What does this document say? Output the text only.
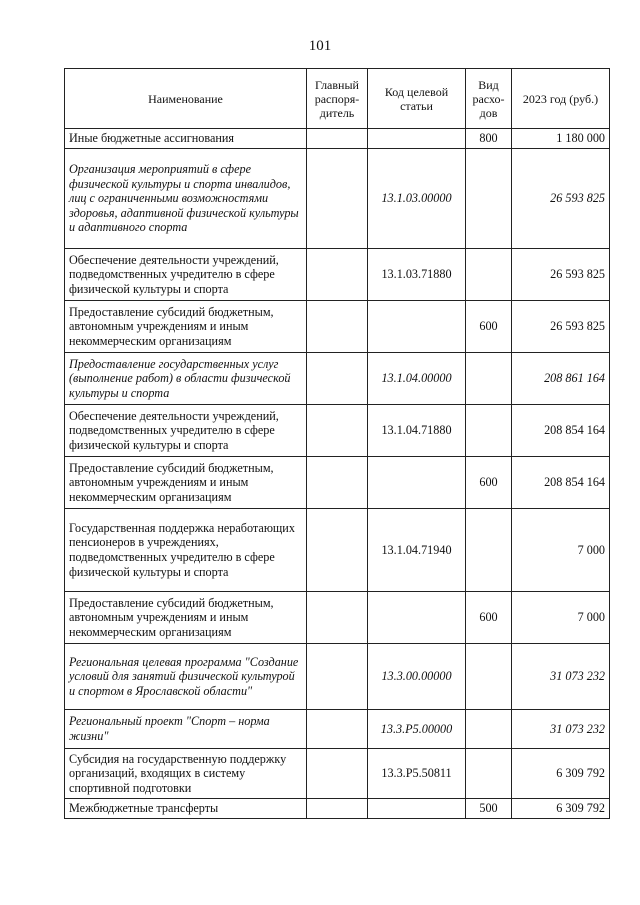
101
Наименование	Главный распоря-дитель	Код целевой статьи	Вид расхо-дов	2023 год (руб.)
Иные бюджетные ассигнования			800	1 180 000
Организация мероприятий в сфере физической культуры и спорта инвалидов, лиц с ограниченными возможностями здоровья, адаптивной физической культуры и адаптивного спорта		13.1.03.00000		26 593 825
Обеспечение деятельности учреждений, подведомственных учредителю в сфере физической культуры и спорта		13.1.03.71880		26 593 825
Предоставление субсидий бюджетным, автономным учреждениям и иным некоммерческим организациям			600	26 593 825
Предоставление государственных услуг (выполнение работ) в области физической культуры и спорта		13.1.04.00000		208 861 164
Обеспечение деятельности учреждений, подведомственных учредителю в сфере физической культуры и спорта		13.1.04.71880		208 854 164
Предоставление субсидий бюджетным, автономным учреждениям и иным некоммерческим организациям			600	208 854 164
Государственная поддержка неработающих пенсионеров в учреждениях, подведомственных учредителю в сфере физической культуры и спорта		13.1.04.71940		7 000
Предоставление субсидий бюджетным, автономным учреждениям и иным некоммерческим организациям			600	7 000
Региональная целевая программа "Создание условий для занятий физической культурой и спортом в Ярославской области"		13.3.00.00000		31 073 232
Региональный проект "Спорт – норма жизни"		13.3.P5.00000		31 073 232
Субсидия на государственную поддержку организаций, входящих в систему спортивной подготовки		13.3.P5.50811		6 309 792
Межбюджетные трансферты			500	6 309 792
